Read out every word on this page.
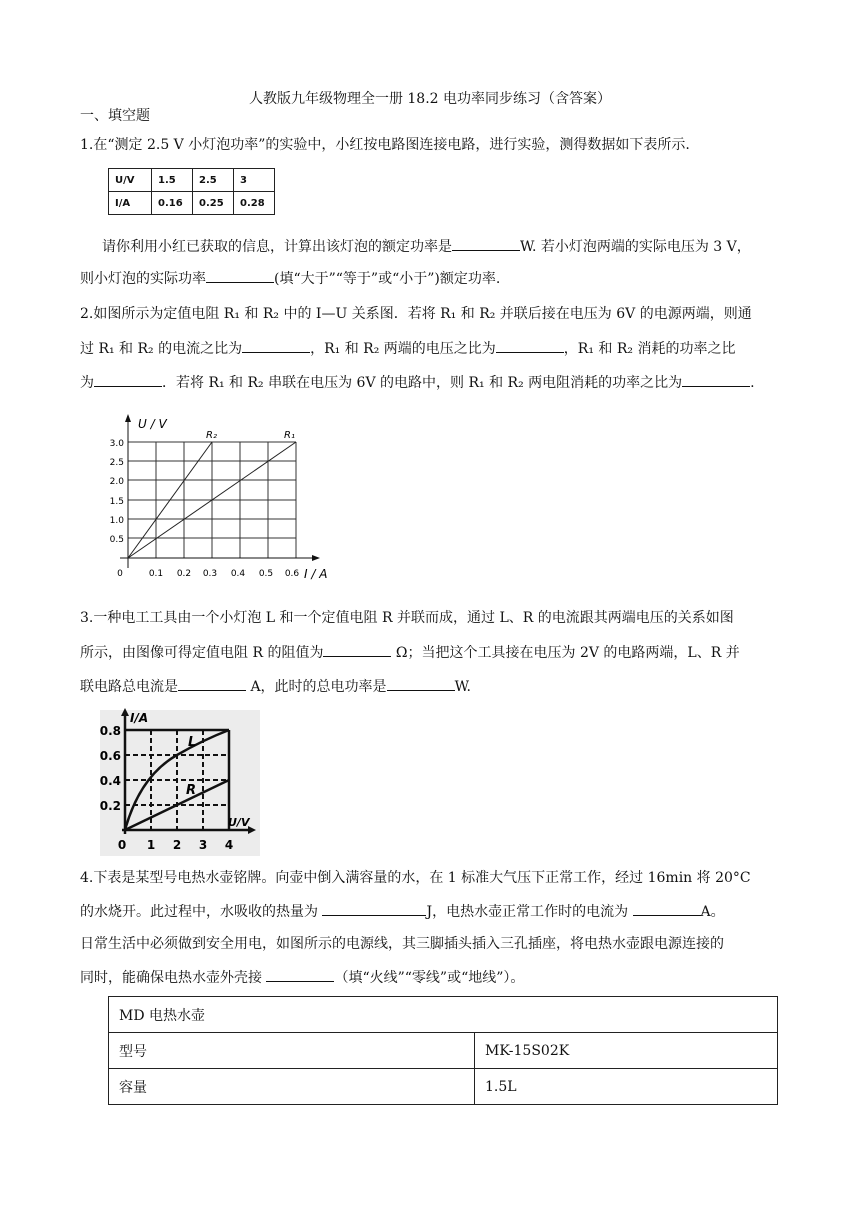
人教版九年级物理全一册 18.2 电功率同步练习（含答案）
一、填空题
1.在“测定 2.5 V 小灯泡功率”的实验中，小红按电路图连接电路，进行实验，测得数据如下表所示.
U/V	1.5	2.5	3
I/A	0.16	0.25	0.28
请你利用小红已获取的信息，计算出该灯泡的额定功率是	W. 若小灯泡两端的实际电压为 3 V，
则小灯泡的实际功率	(填“大于”“等于”或“小于”)额定功率.
2.如图所示为定值电阻 R₁ 和 R₂ 中的 I—U 关系图．若将 R₁ 和 R₂ 并联后接在电压为 6V 的电源两端，则通
过 R₁ 和 R₂ 的电流之比为	，R₁ 和 R₂ 两端的电压之比为	，R₁ 和 R₂ 消耗的功率之比
为	．若将 R₁ 和 R₂ 串联在电压为 6V 的电路中，则 R₁ 和 R₂ 两电阻消耗的功率之比为	.
U / V
I / A
R₂	R₁
3.0
2.5
2.0
1.5
1.0
0.5
0	0.1 0.2 0.3 0.4 0.5 0.6
3.一种电工工具由一个小灯泡 L 和一个定值电阻 R 并联而成，通过 L、R 的电流跟其两端电压的关系如图
所示，由图像可得定值电阻 R 的阻值为	Ω；当把这个工具接在电压为 2V 的电路两端，L、R 并
联电路总电流是	A，此时的总电功率是	W.
I/A
U/V
L
R
0.8
0.6
0.4
0.2
0 1 2 3 4
4.下表是某型号电热水壶铭牌。向壶中倒入满容量的水，在 1 标准大气压下正常工作，经过 16min 将 20°C
的水烧开。此过程中，水吸收的热量为	J，电热水壶正常工作时的电流为	A。
日常生活中必须做到安全用电，如图所示的电源线，其三脚插头插入三孔插座，将电热水壶跟电源连接的
同时，能确保电热水壶外壳接	（填“火线”“零线”或“地线”）。
MD 电热水壶	
型号	MK-15S02K
容量	1.5L
